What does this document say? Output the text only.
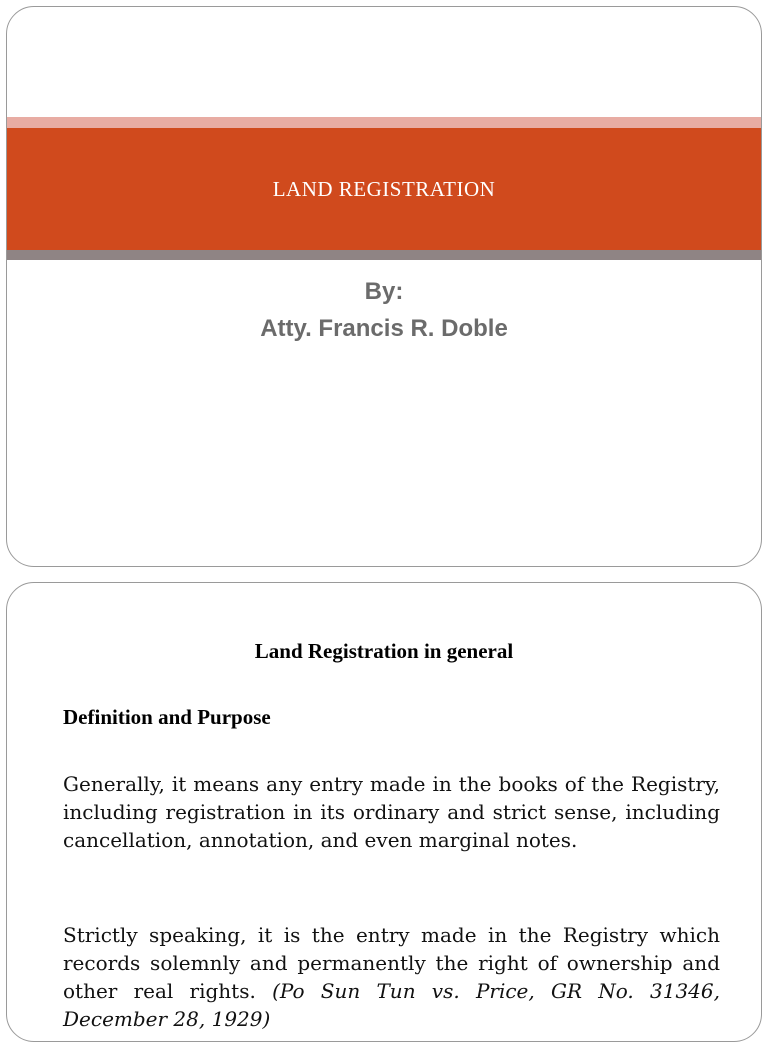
LAND REGISTRATION
By:
Atty. Francis R. Doble
Land Registration in general
Definition and Purpose

Generally, it means any entry made in the books of the Registry, including registration in its ordinary and strict sense, including cancellation, annotation, and even marginal notes.

Strictly speaking, it is the entry made in the Registry which records solemnly and permanently the right of ownership and other real rights. (Po Sun Tun vs. Price, GR No. 31346, December 28, 1929)
